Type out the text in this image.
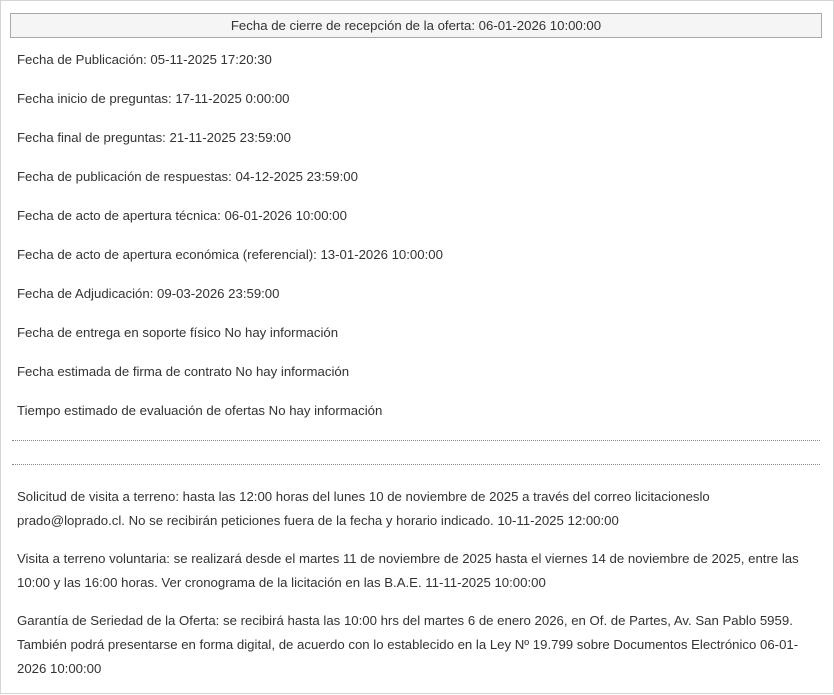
Fecha de cierre de recepción de la oferta: 06-01-2026 10:00:00
Fecha de Publicación: 05-11-2025 17:20:30
Fecha inicio de preguntas: 17-11-2025 0:00:00
Fecha final de preguntas: 21-11-2025 23:59:00
Fecha de publicación de respuestas: 04-12-2025 23:59:00
Fecha de acto de apertura técnica: 06-01-2026 10:00:00
Fecha de acto de apertura económica (referencial): 13-01-2026 10:00:00
Fecha de Adjudicación: 09-03-2026 23:59:00
Fecha de entrega en soporte físico No hay información
Fecha estimada de firma de contrato No hay información
Tiempo estimado de evaluación de ofertas No hay información
Solicitud de visita a terreno: hasta las 12:00 horas del lunes 10 de noviembre de 2025 a través del correo licitacioneslo prado@loprado.cl. No se recibirán peticiones fuera de la fecha y horario indicado. 10-11-2025 12:00:00
Visita a terreno voluntaria: se realizará desde el martes 11 de noviembre de 2025 hasta el viernes 14 de noviembre de 2025, entre las 10:00 y las 16:00 horas. Ver cronograma de la licitación en las B.A.E. 11-11-2025 10:00:00
Garantía de Seriedad de la Oferta: se recibirá hasta las 10:00 hrs del martes 6 de enero 2026, en Of. de Partes, Av. San Pablo 5959. También podrá presentarse en forma digital, de acuerdo con lo establecido en la Ley Nº 19.799 sobre Documentos Electrónico 06-01-2026 10:00:00
